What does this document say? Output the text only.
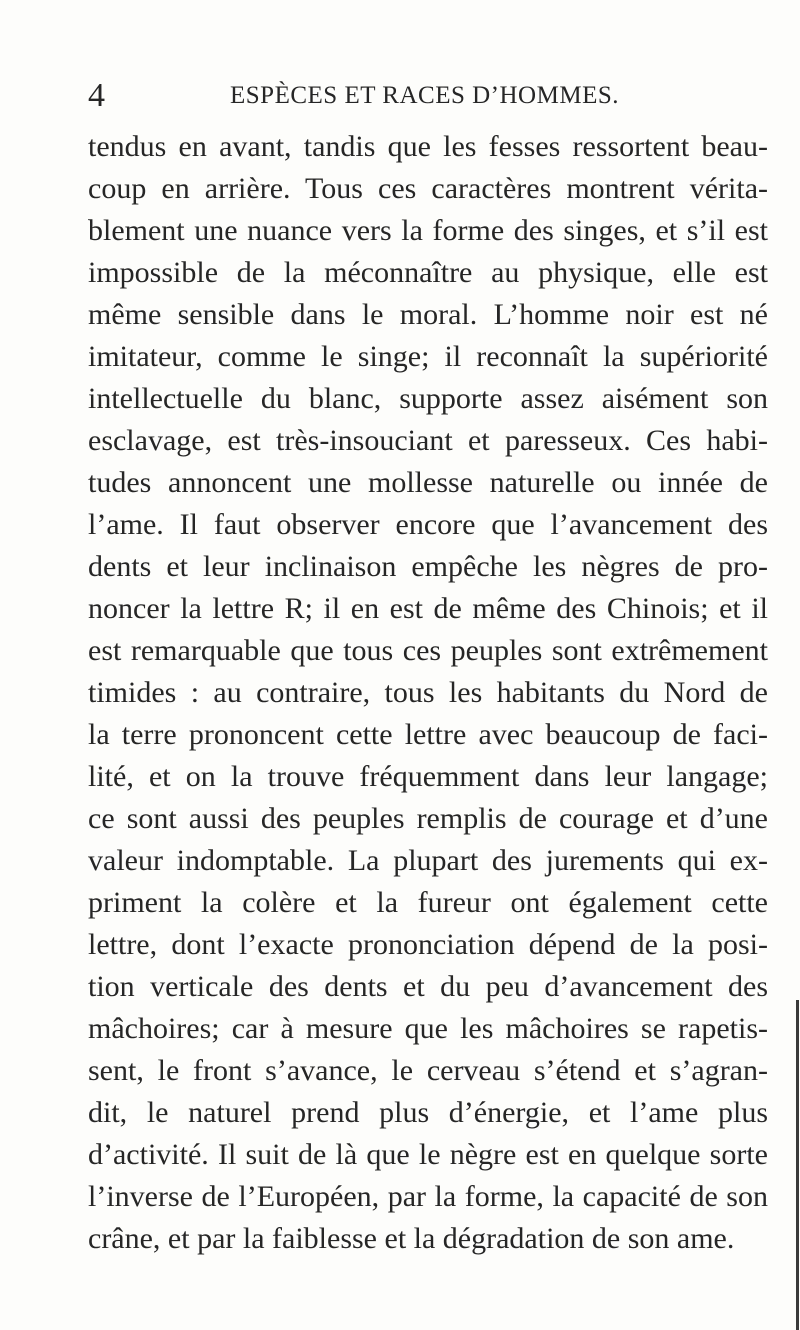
4	ESPÈCES ET RACES D’HOMMES.
tendus en avant, tandis que les fesses ressortent beau-
coup en arrière. Tous ces caractères montrent vérita-
blement une nuance vers la forme des singes, et s’il est
impossible de la méconnaître au physique, elle est
même sensible dans le moral. L’homme noir est né
imitateur, comme le singe; il reconnaît la supériorité
intellectuelle du blanc, supporte assez aisément son
esclavage, est très-insouciant et paresseux. Ces habi-
tudes annoncent une mollesse naturelle ou innée de
l’ame. Il faut observer encore que l’avancement des
dents et leur inclinaison empêche les nègres de pro-
noncer la lettre R; il en est de même des Chinois; et il
est remarquable que tous ces peuples sont extrêmement
timides : au contraire, tous les habitants du Nord de
la terre prononcent cette lettre avec beaucoup de faci-
lité, et on la trouve fréquemment dans leur langage;
ce sont aussi des peuples remplis de courage et d’une
valeur indomptable. La plupart des jurements qui ex-
priment la colère et la fureur ont également cette
lettre, dont l’exacte prononciation dépend de la posi-
tion verticale des dents et du peu d’avancement des
mâchoires; car à mesure que les mâchoires se rapetis-
sent, le front s’avance, le cerveau s’étend et s’agran-
dit, le naturel prend plus d’énergie, et l’ame plus
d’activité. Il suit de là que le nègre est en quelque sorte
l’inverse de l’Européen, par la forme, la capacité de son
crâne, et par la faiblesse et la dégradation de son ame.
